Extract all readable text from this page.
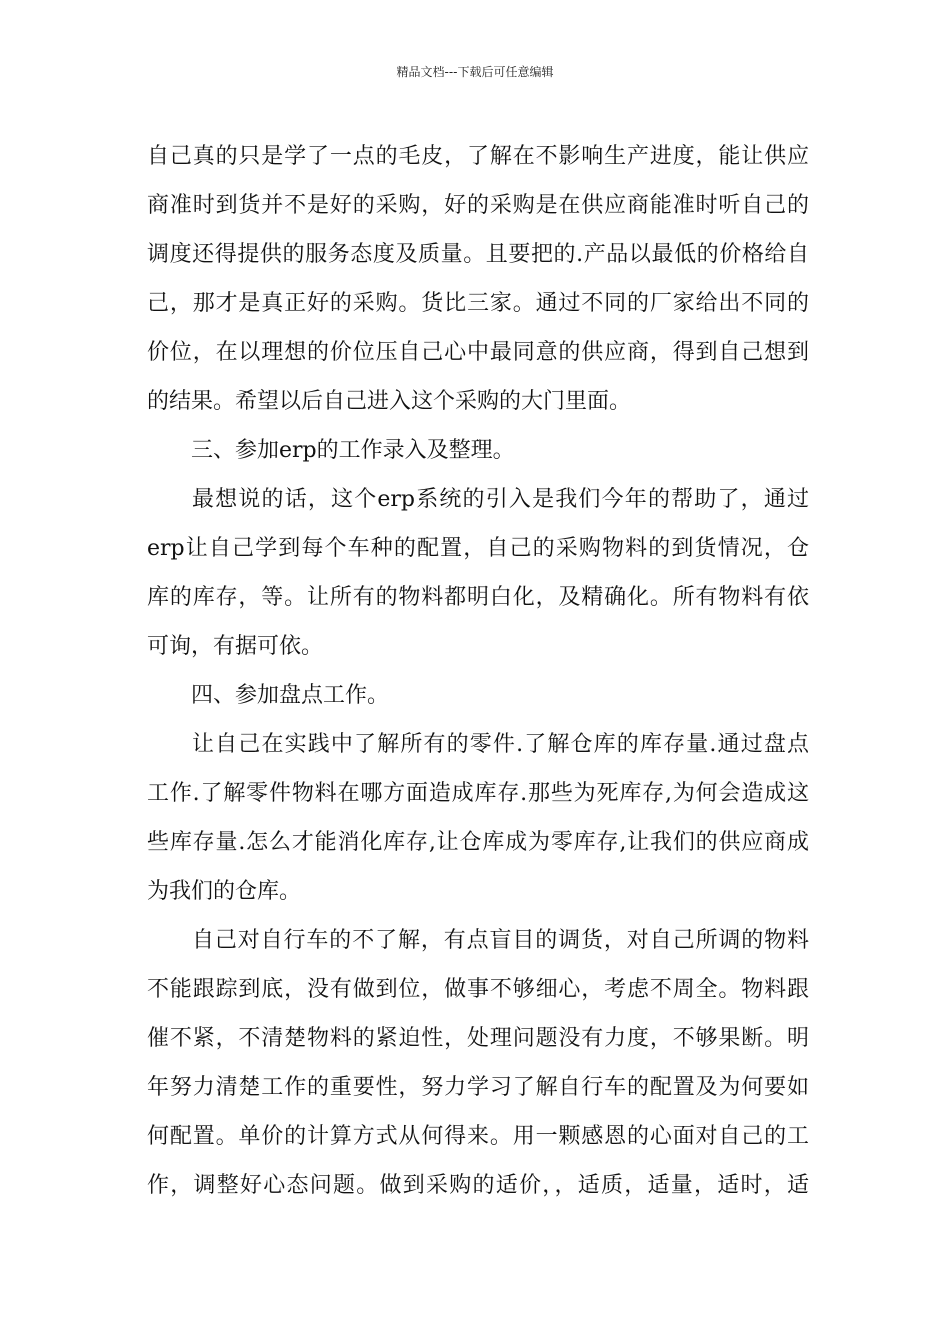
精品文档---下载后可任意编辑
自己真的只是学了一点的毛皮，了解在不影响生产进度，能让供应
商准时到货并不是好的采购，好的采购是在供应商能准时听自己的
调度还得提供的服务态度及质量。且要把的.产品以最低的价格给自
己，那才是真正好的采购。货比三家。通过不同的厂家给出不同的
价位，在以理想的价位压自己心中最同意的供应商，得到自己想到
的结果。希望以后自己进入这个采购的大门里面。
三、参加erp的工作录入及整理。
最想说的话，这个erp系统的引入是我们今年的帮助了，通过
erp让自己学到每个车种的配置，自己的采购物料的到货情况，仓
库的库存，等。让所有的物料都明白化，及精确化。所有物料有依
可询，有据可依。
四、参加盘点工作。
让自己在实践中了解所有的零件.了解仓库的库存量.通过盘点
工作.了解零件物料在哪方面造成库存.那些为死库存,为何会造成这
些库存量.怎么才能消化库存,让仓库成为零库存,让我们的供应商成
为我们的仓库。
自己对自行车的不了解，有点盲目的调货，对自己所调的物料
不能跟踪到底，没有做到位，做事不够细心，考虑不周全。物料跟
催不紧，不清楚物料的紧迫性，处理问题没有力度，不够果断。明
年努力清楚工作的重要性，努力学习了解自行车的配置及为何要如
何配置。单价的计算方式从何得来。用一颗感恩的心面对自己的工
作，调整好心态问题。做到采购的适价，，适质，适量，适时，适
